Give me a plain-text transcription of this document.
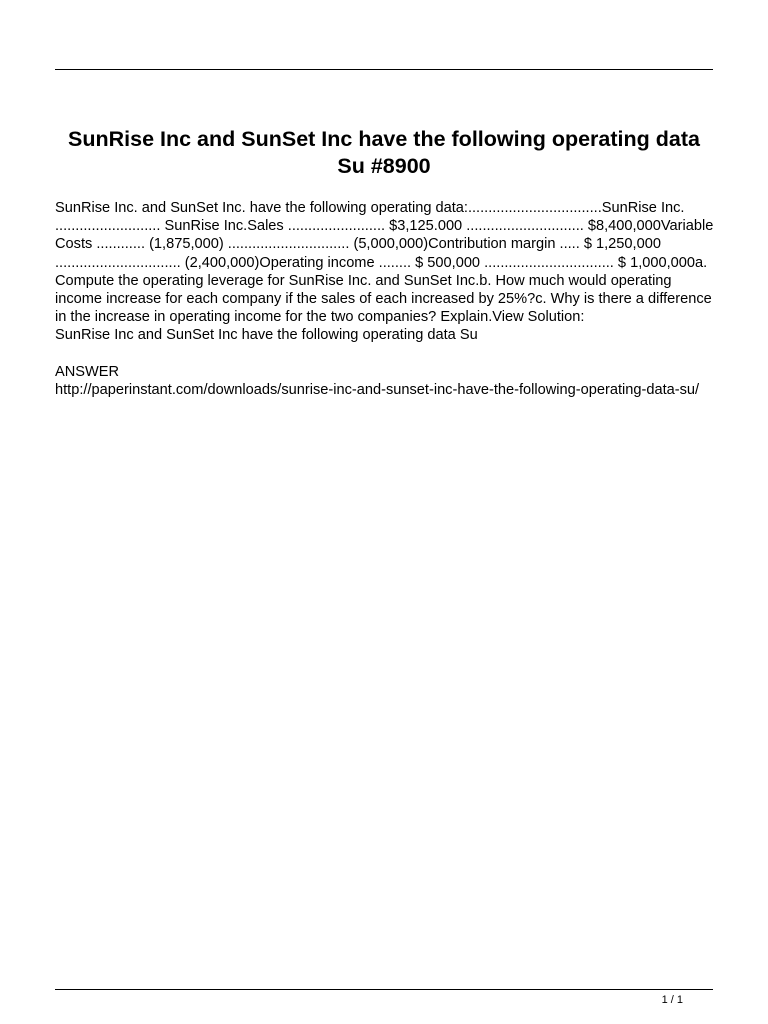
SunRise Inc and SunSet Inc have the following operating data Su #8900

SunRise Inc. and SunSet Inc. have the following operating data:.................................SunRise Inc. .......................... SunRise Inc.Sales ........................ $3,125.000 ............................. $8,400,000Variable Costs ............ (1,875,000) .............................. (5,000,000)Contribution margin ..... $ 1,250,000 ............................... (2,400,000)Operating income ........ $ 500,000 ................................ $ 1,000,000a. Compute the operating leverage for SunRise Inc. and SunSet Inc.b. How much would operating income increase for each company if the sales of each increased by 25%?c. Why is there a difference in the increase in operating income for the two companies? Explain.View Solution:

SunRise Inc and SunSet Inc have the following operating data Su

ANSWER

http://paperinstant.com/downloads/sunrise-inc-and-sunset-inc-have-the-following-operating-data-su/

1 / 1
